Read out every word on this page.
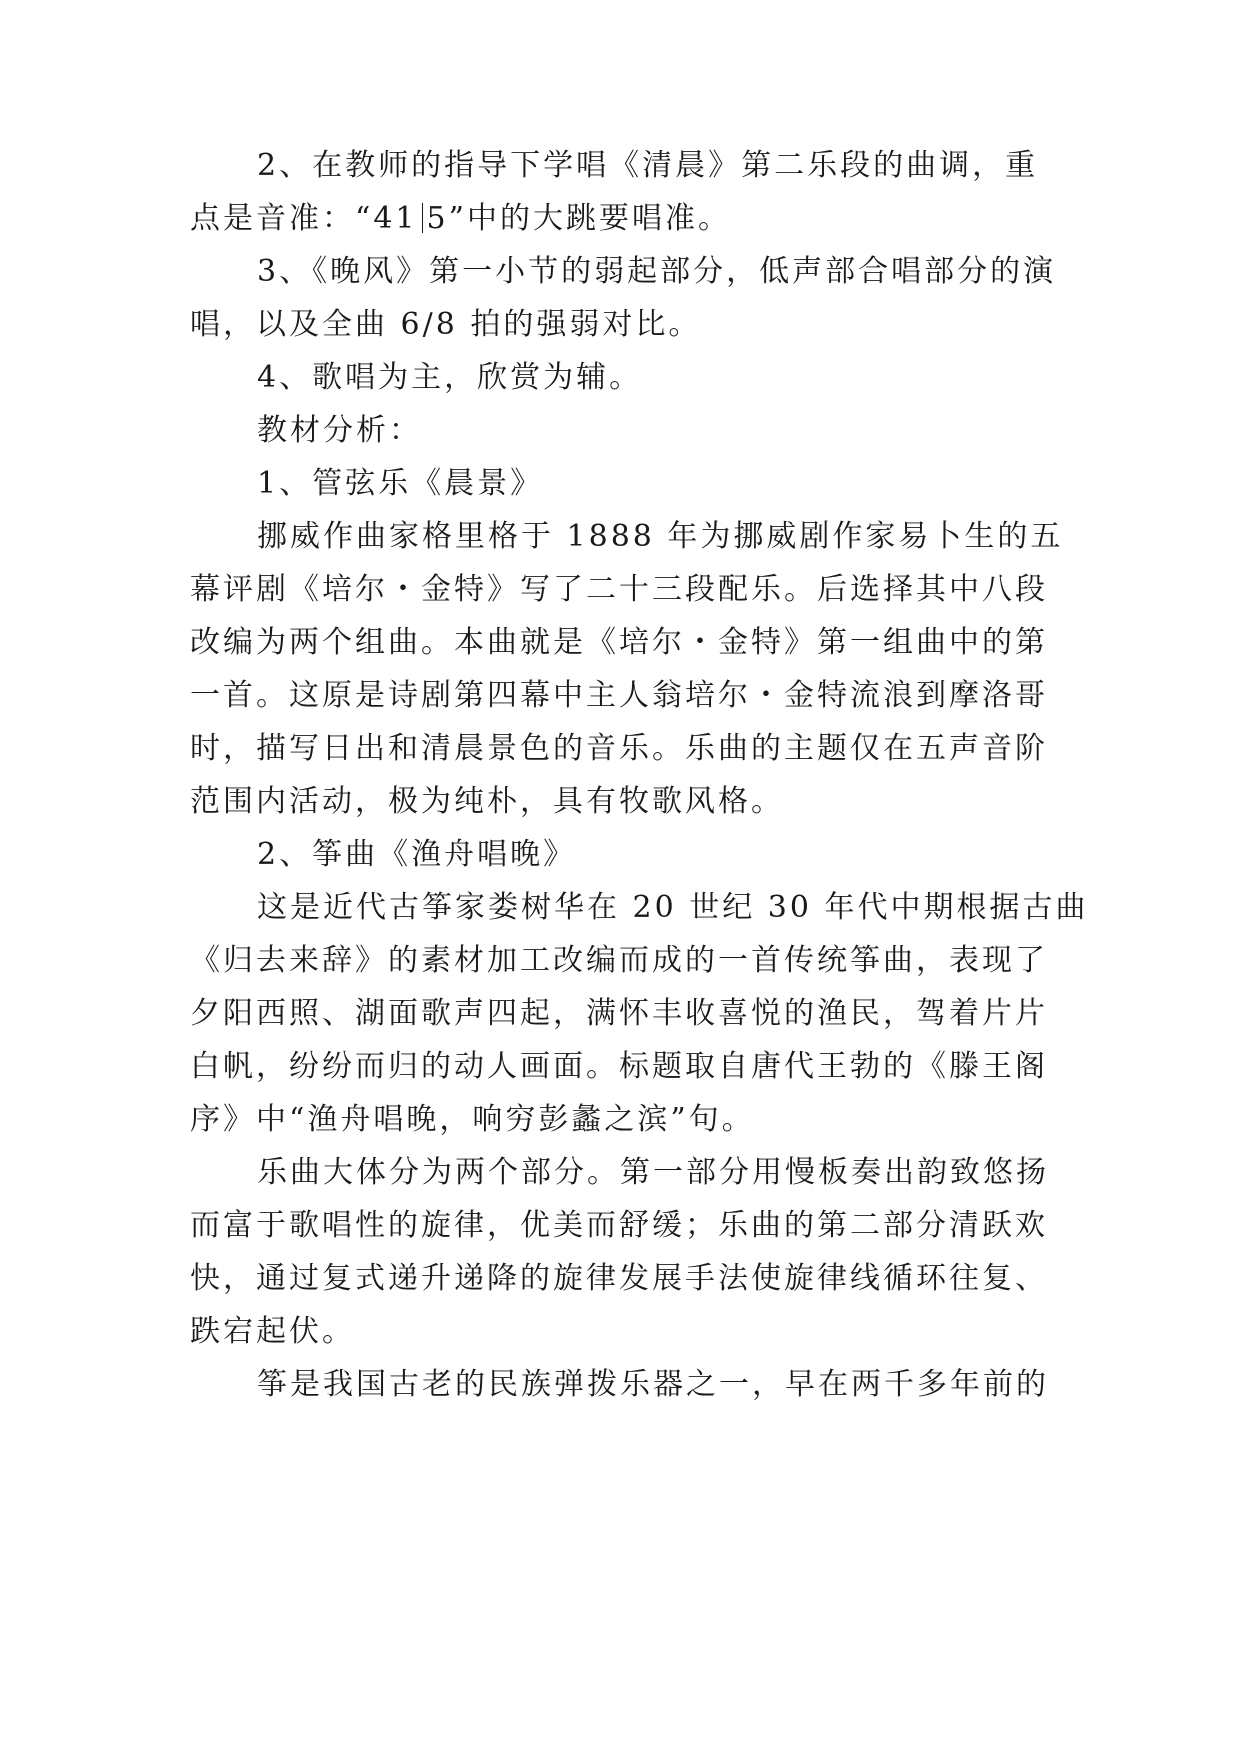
2、在教师的指导下学唱《清晨》第二乐段的曲调，重
点是音准：“41 5”中的大跳要唱准。
3、《晚风》第一小节的弱起部分，低声部合唱部分的演
唱，以及全曲 6/8 拍的强弱对比。
4、歌唱为主，欣赏为辅。
教材分析：
1、管弦乐《晨景》
挪威作曲家格里格于 1888 年为挪威剧作家易卜生的五
幕评剧《培尔・金特》写了二十三段配乐。后选择其中八段
改编为两个组曲。本曲就是《培尔・金特》第一组曲中的第
一首。这原是诗剧第四幕中主人翁培尔・金特流浪到摩洛哥
时，描写日出和清晨景色的音乐。乐曲的主题仅在五声音阶
范围内活动，极为纯朴，具有牧歌风格。
2、筝曲《渔舟唱晚》
这是近代古筝家娄树华在 20 世纪 30 年代中期根据古曲
《归去来辞》的素材加工改编而成的一首传统筝曲，表现了
夕阳西照、湖面歌声四起，满怀丰收喜悦的渔民，驾着片片
白帆，纷纷而归的动人画面。标题取自唐代王勃的《滕王阁
序》中“渔舟唱晚，响穷彭蠡之滨”句。
乐曲大体分为两个部分。第一部分用慢板奏出韵致悠扬
而富于歌唱性的旋律，优美而舒缓；乐曲的第二部分清跃欢
快，通过复式递升递降的旋律发展手法使旋律线循环往复、
跌宕起伏。
筝是我国古老的民族弹拨乐器之一，早在两千多年前的
